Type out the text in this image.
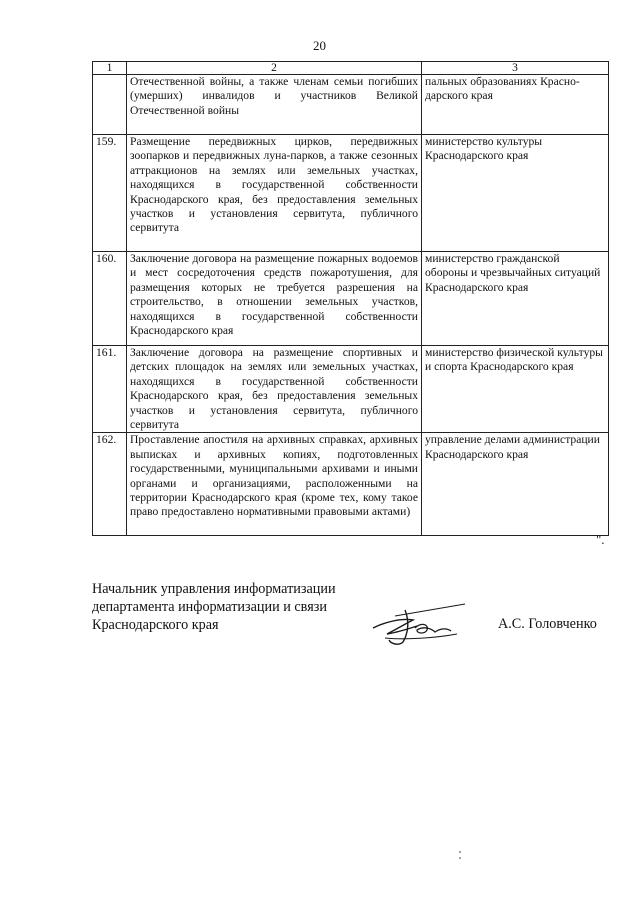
20
1	2	3
	Отечественной войны, а также членам семьи погибших (умерших) инвалидов и участников Великой Отечественной войны	пальных образованиях Краснодарского края
159.	Размещение передвижных цирков, передвижных зоопарков и передвижных луна-парков, а также сезонных аттракционов на землях или земельных участках, находящихся в государственной собственности Краснодарского края, без предоставления земельных участков и установления сервитута, публичного сервитута	министерство культуры Краснодарского края
160.	Заключение договора на размещение пожарных водоемов и мест сосредоточения средств пожаротушения, для размещения которых не требуется разрешения на строительство, в отношении земельных участков, находящихся в государственной собственности Краснодарского края	министерство гражданской обороны и чрезвычайных ситуаций Краснодарского края
161.	Заключение договора на размещение спортивных и детских площадок на землях или земельных участках, находящихся в государственной собственности Краснодарского края, без предоставления земельных участков и установления сервитута, публичного сервитута	министерство физической культуры и спорта Краснодарского края
162.	Проставление апостиля на архивных справках, архивных выписках и архивных копиях, подготовленных государственными, муниципальными архивами и иными органами и организациями, расположенными на территории Краснодарского края (кроме тех, кому такое право предоставлено нормативными правовыми актами)	управление делами администрации Краснодарского края
".
Начальник управления информатизации
департамента информатизации и связи
Краснодарского края	А.С. Головченко
